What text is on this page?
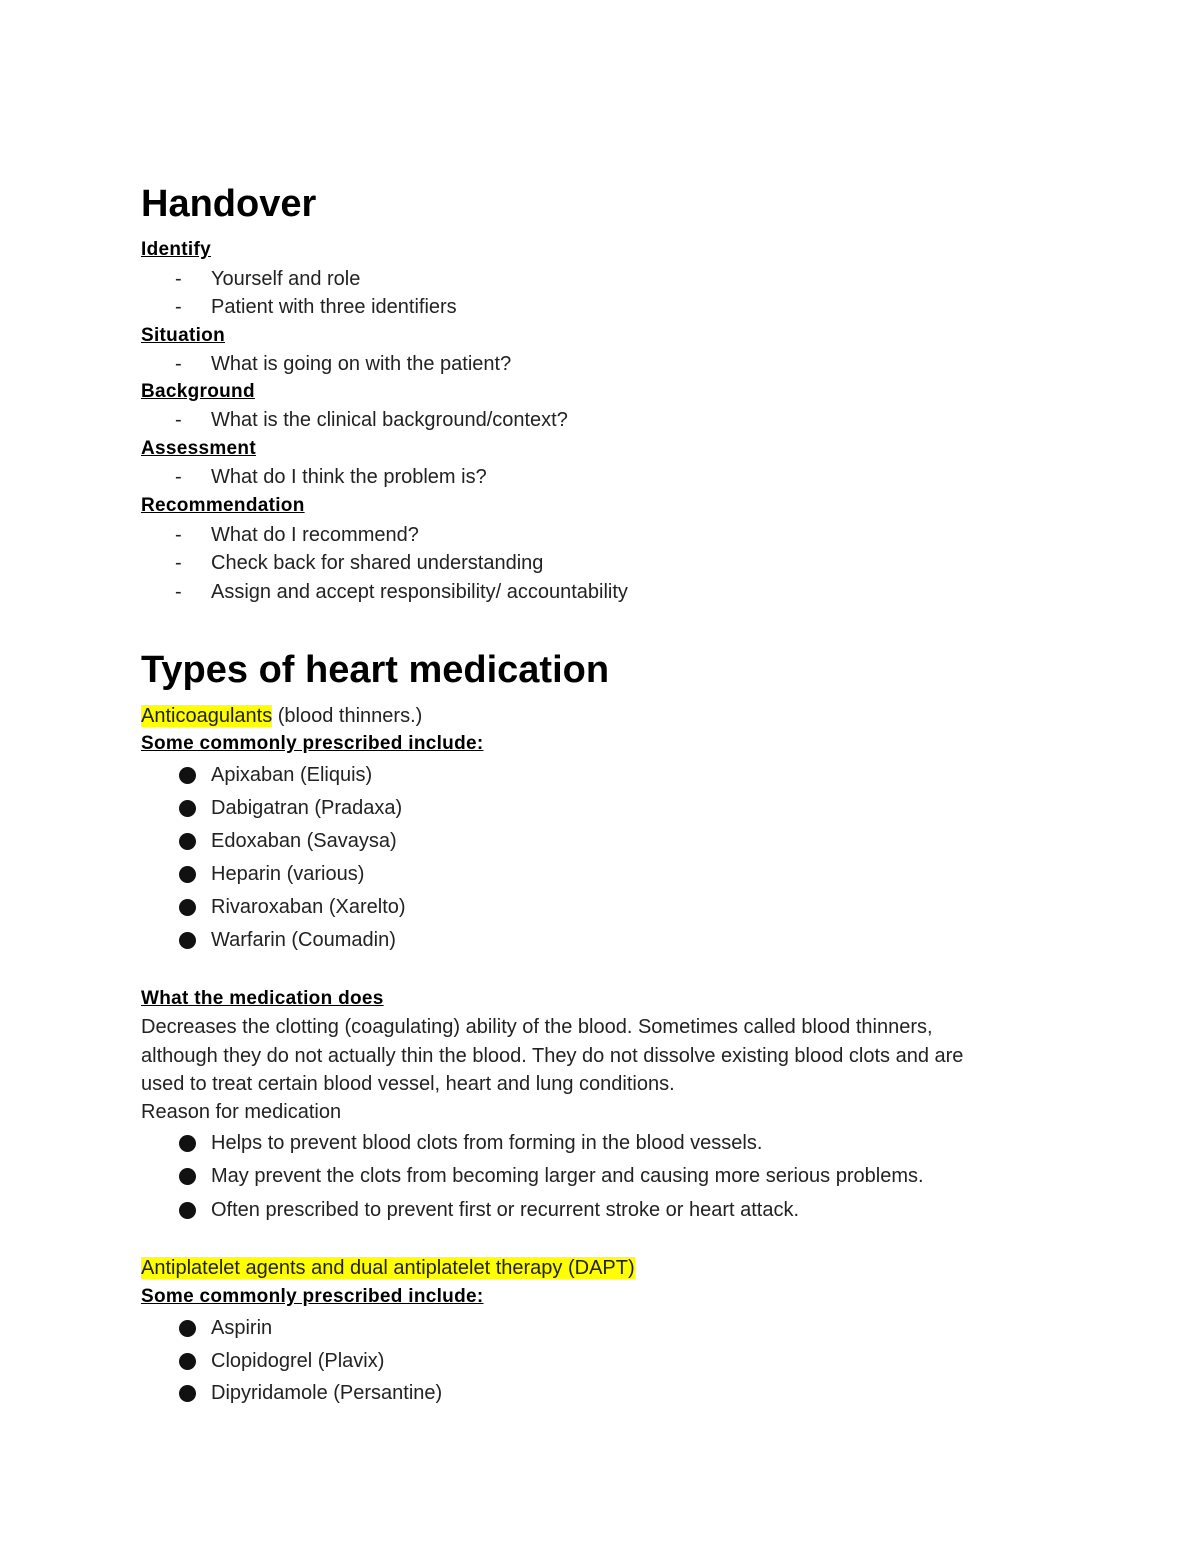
Handover
Identify
- Yourself and role
- Patient with three identifiers
Situation
- What is going on with the patient?
Background
- What is the clinical background/context?
Assessment
- What do I think the problem is?
Recommendation
- What do I recommend?
- Check back for shared understanding
- Assign and accept responsibility/ accountability
Types of heart medication
Anticoagulants (blood thinners.)
Some commonly prescribed include:
Apixaban (Eliquis)
Dabigatran (Pradaxa)
Edoxaban (Savaysa)
Heparin (various)
Rivaroxaban (Xarelto)
Warfarin (Coumadin)
What the medication does
Decreases the clotting (coagulating) ability of the blood. Sometimes called blood thinners,
although they do not actually thin the blood. They do not dissolve existing blood clots and are
used to treat certain blood vessel, heart and lung conditions.
Reason for medication
Helps to prevent blood clots from forming in the blood vessels.
May prevent the clots from becoming larger and causing more serious problems.
Often prescribed to prevent first or recurrent stroke or heart attack.
Antiplatelet agents and dual antiplatelet therapy (DAPT)
Some commonly prescribed include:
Aspirin
Clopidogrel (Plavix)
Dipyridamole (Persantine)
